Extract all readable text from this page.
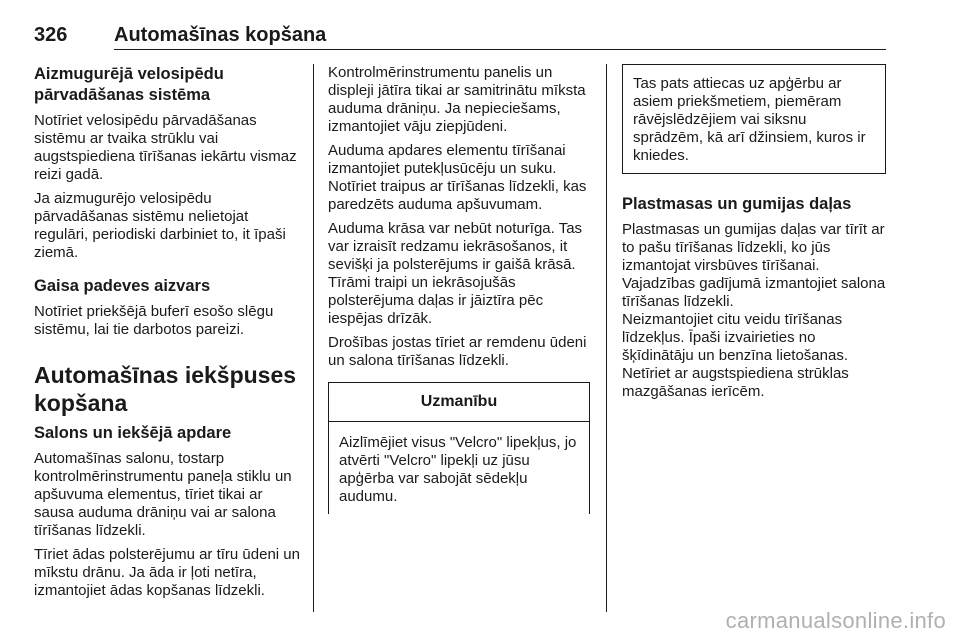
326 Automašīnas kopšana
Aizmugurējā velosipēdu pārvadāšanas sistēma

Notīriet velosipēdu pārvadāšanas sistēmu ar tvaika strūklu vai augstspiediena tīrīšanas iekārtu vismaz reizi gadā.

Ja aizmugurējo velosipēdu pārvadāšanas sistēmu nelietojat regulāri, periodiski darbiniet to, it īpaši ziemā.

Gaisa padeves aizvars

Notīriet priekšējā buferī esošo slēgu sistēmu, lai tie darbotos pareizi.

Automašīnas iekšpuses kopšana
Salons un iekšējā apdare

Automašīnas salonu, tostarp kontrolmērinstrumentu paneļa stiklu un apšuvuma elementus, tīriet tikai ar sausa auduma drāniņu vai ar salona tīrīšanas līdzekli.

Tīriet ādas polsterējumu ar tīru ūdeni un mīkstu drānu. Ja āda ir ļoti netīra, izmantojiet ādas kopšanas līdzekli.

Kontrolmērinstrumentu panelis un displeji jātīra tikai ar samitrinātu mīksta auduma drāniņu. Ja nepieciešams, izmantojiet vāju ziepjūdeni.

Auduma apdares elementu tīrīšanai izmantojiet putekļusūcēju un suku. Notīriet traipus ar tīrīšanas līdzekli, kas paredzēts auduma apšuvumam.

Auduma krāsa var nebūt noturīga. Tas var izraisīt redzamu iekrāsošanos, it sevišķi ja polsterējums ir gaišā krāsā. Tīrāmi traipi un iekrāsojušās polsterējuma daļas ir jāiztīra pēc iespējas drīzāk.

Drošības jostas tīriet ar remdenu ūdeni un salona tīrīšanas līdzekli.

Uzmanību

Aizlīmējiet visus "Velcro" lipekļus, jo atvērti "Velcro" lipekļi uz jūsu apģērba var sabojāt sēdekļu audumu.

Tas pats attiecas uz apģērbu ar asiem priekšmetiem, piemēram rāvējslēdzējiem vai siksnu sprādzēm, kā arī džinsiem, kuros ir kniedes.

Plastmasas un gumijas daļas

Plastmasas un gumijas daļas var tīrīt ar to pašu tīrīšanas līdzekli, ko jūs izmantojat virsbūves tīrīšanai. Vajadzības gadījumā izmantojiet salona tīrīšanas līdzekli.

Neizmantojiet citu veidu tīrīšanas līdzekļus. Īpaši izvairieties no šķīdinātāju un benzīna lietošanas. Netīriet ar augstspiediena strūklas mazgāšanas ierīcēm.

carmanualsonline.info
